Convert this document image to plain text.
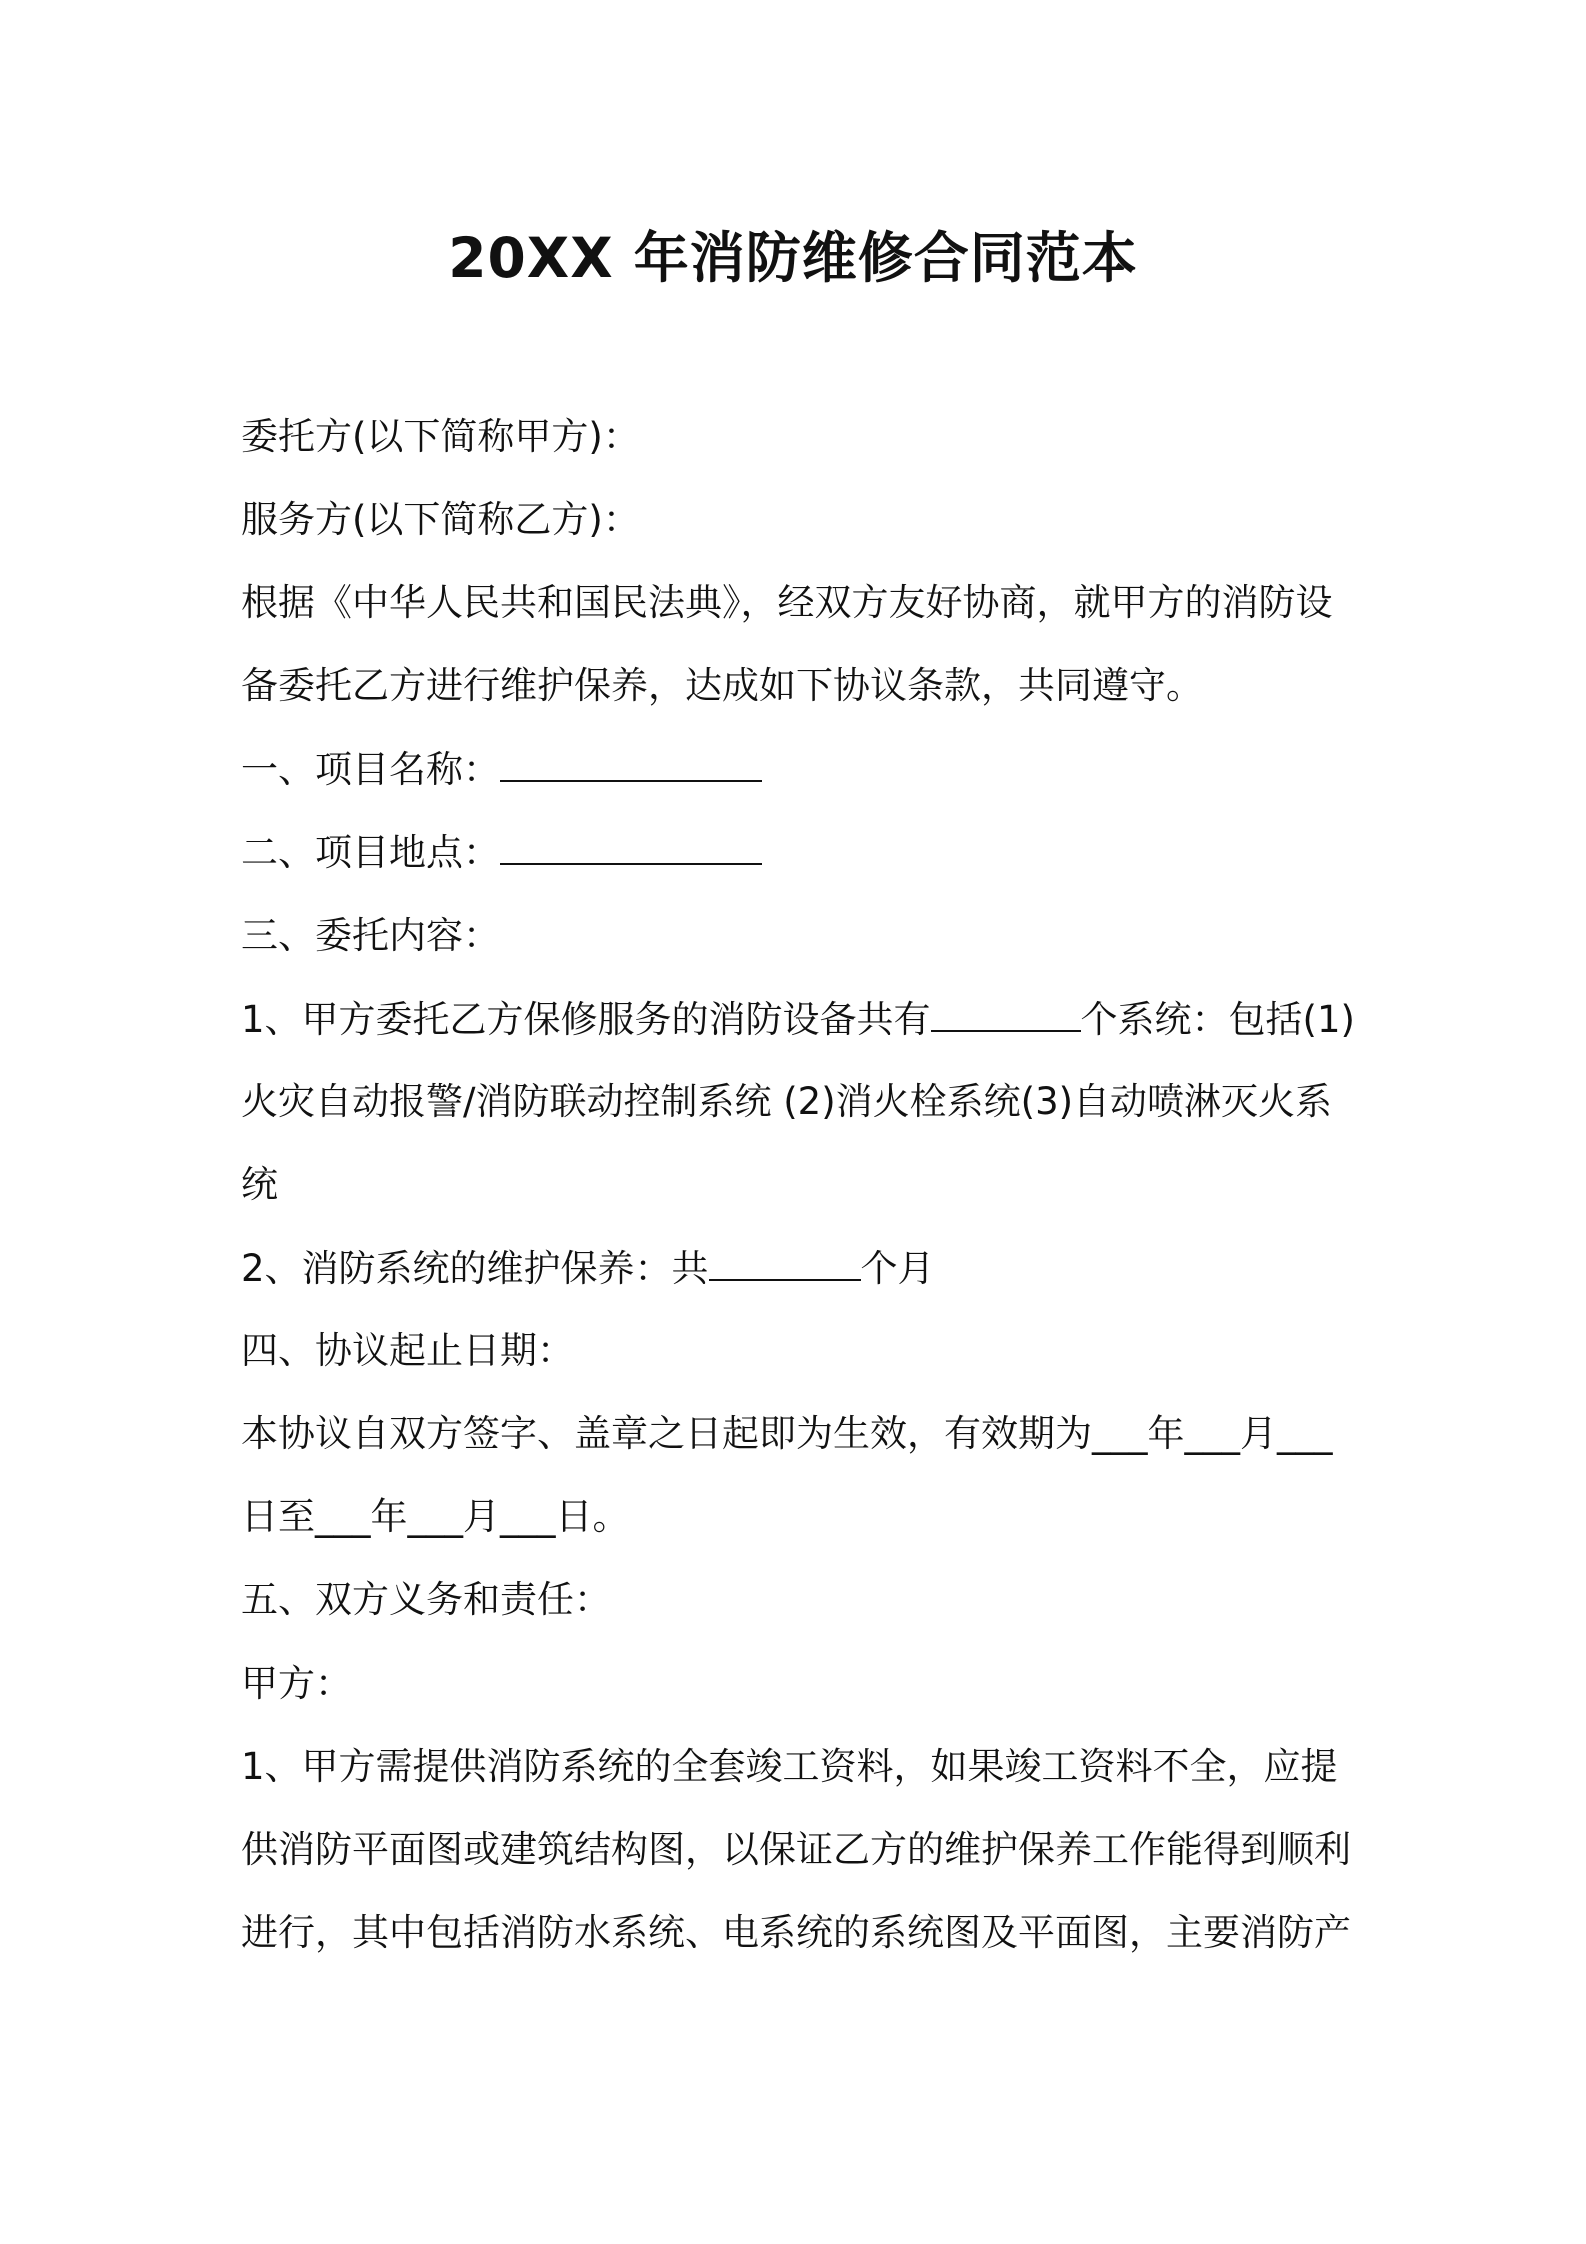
20XX 年消防维修合同范本

委托方(以下简称甲方)：

服务方(以下简称乙方)：

根据《中华人民共和国民法典》，经双方友好协商，就甲方的消防设

备委托乙方进行维护保养，达成如下协议条款，共同遵守。

一、项目名称：

二、项目地点：

三、委托内容：

1、甲方委托乙方保修服务的消防设备共有	个系统：包括(1)

火灾自动报警/消防联动控制系统 (2)消火栓系统(3)自动喷淋灭火系

统

2、消防系统的维护保养：共	个月

四、协议起止日期：

本协议自双方签字、盖章之日起即为生效，有效期为___年___月___

日至___年___月___日。

五、双方义务和责任：

甲方：

1、甲方需提供消防系统的全套竣工资料，如果竣工资料不全，应提

供消防平面图或建筑结构图，以保证乙方的维护保养工作能得到顺利

进行，其中包括消防水系统、电系统的系统图及平面图，主要消防产
